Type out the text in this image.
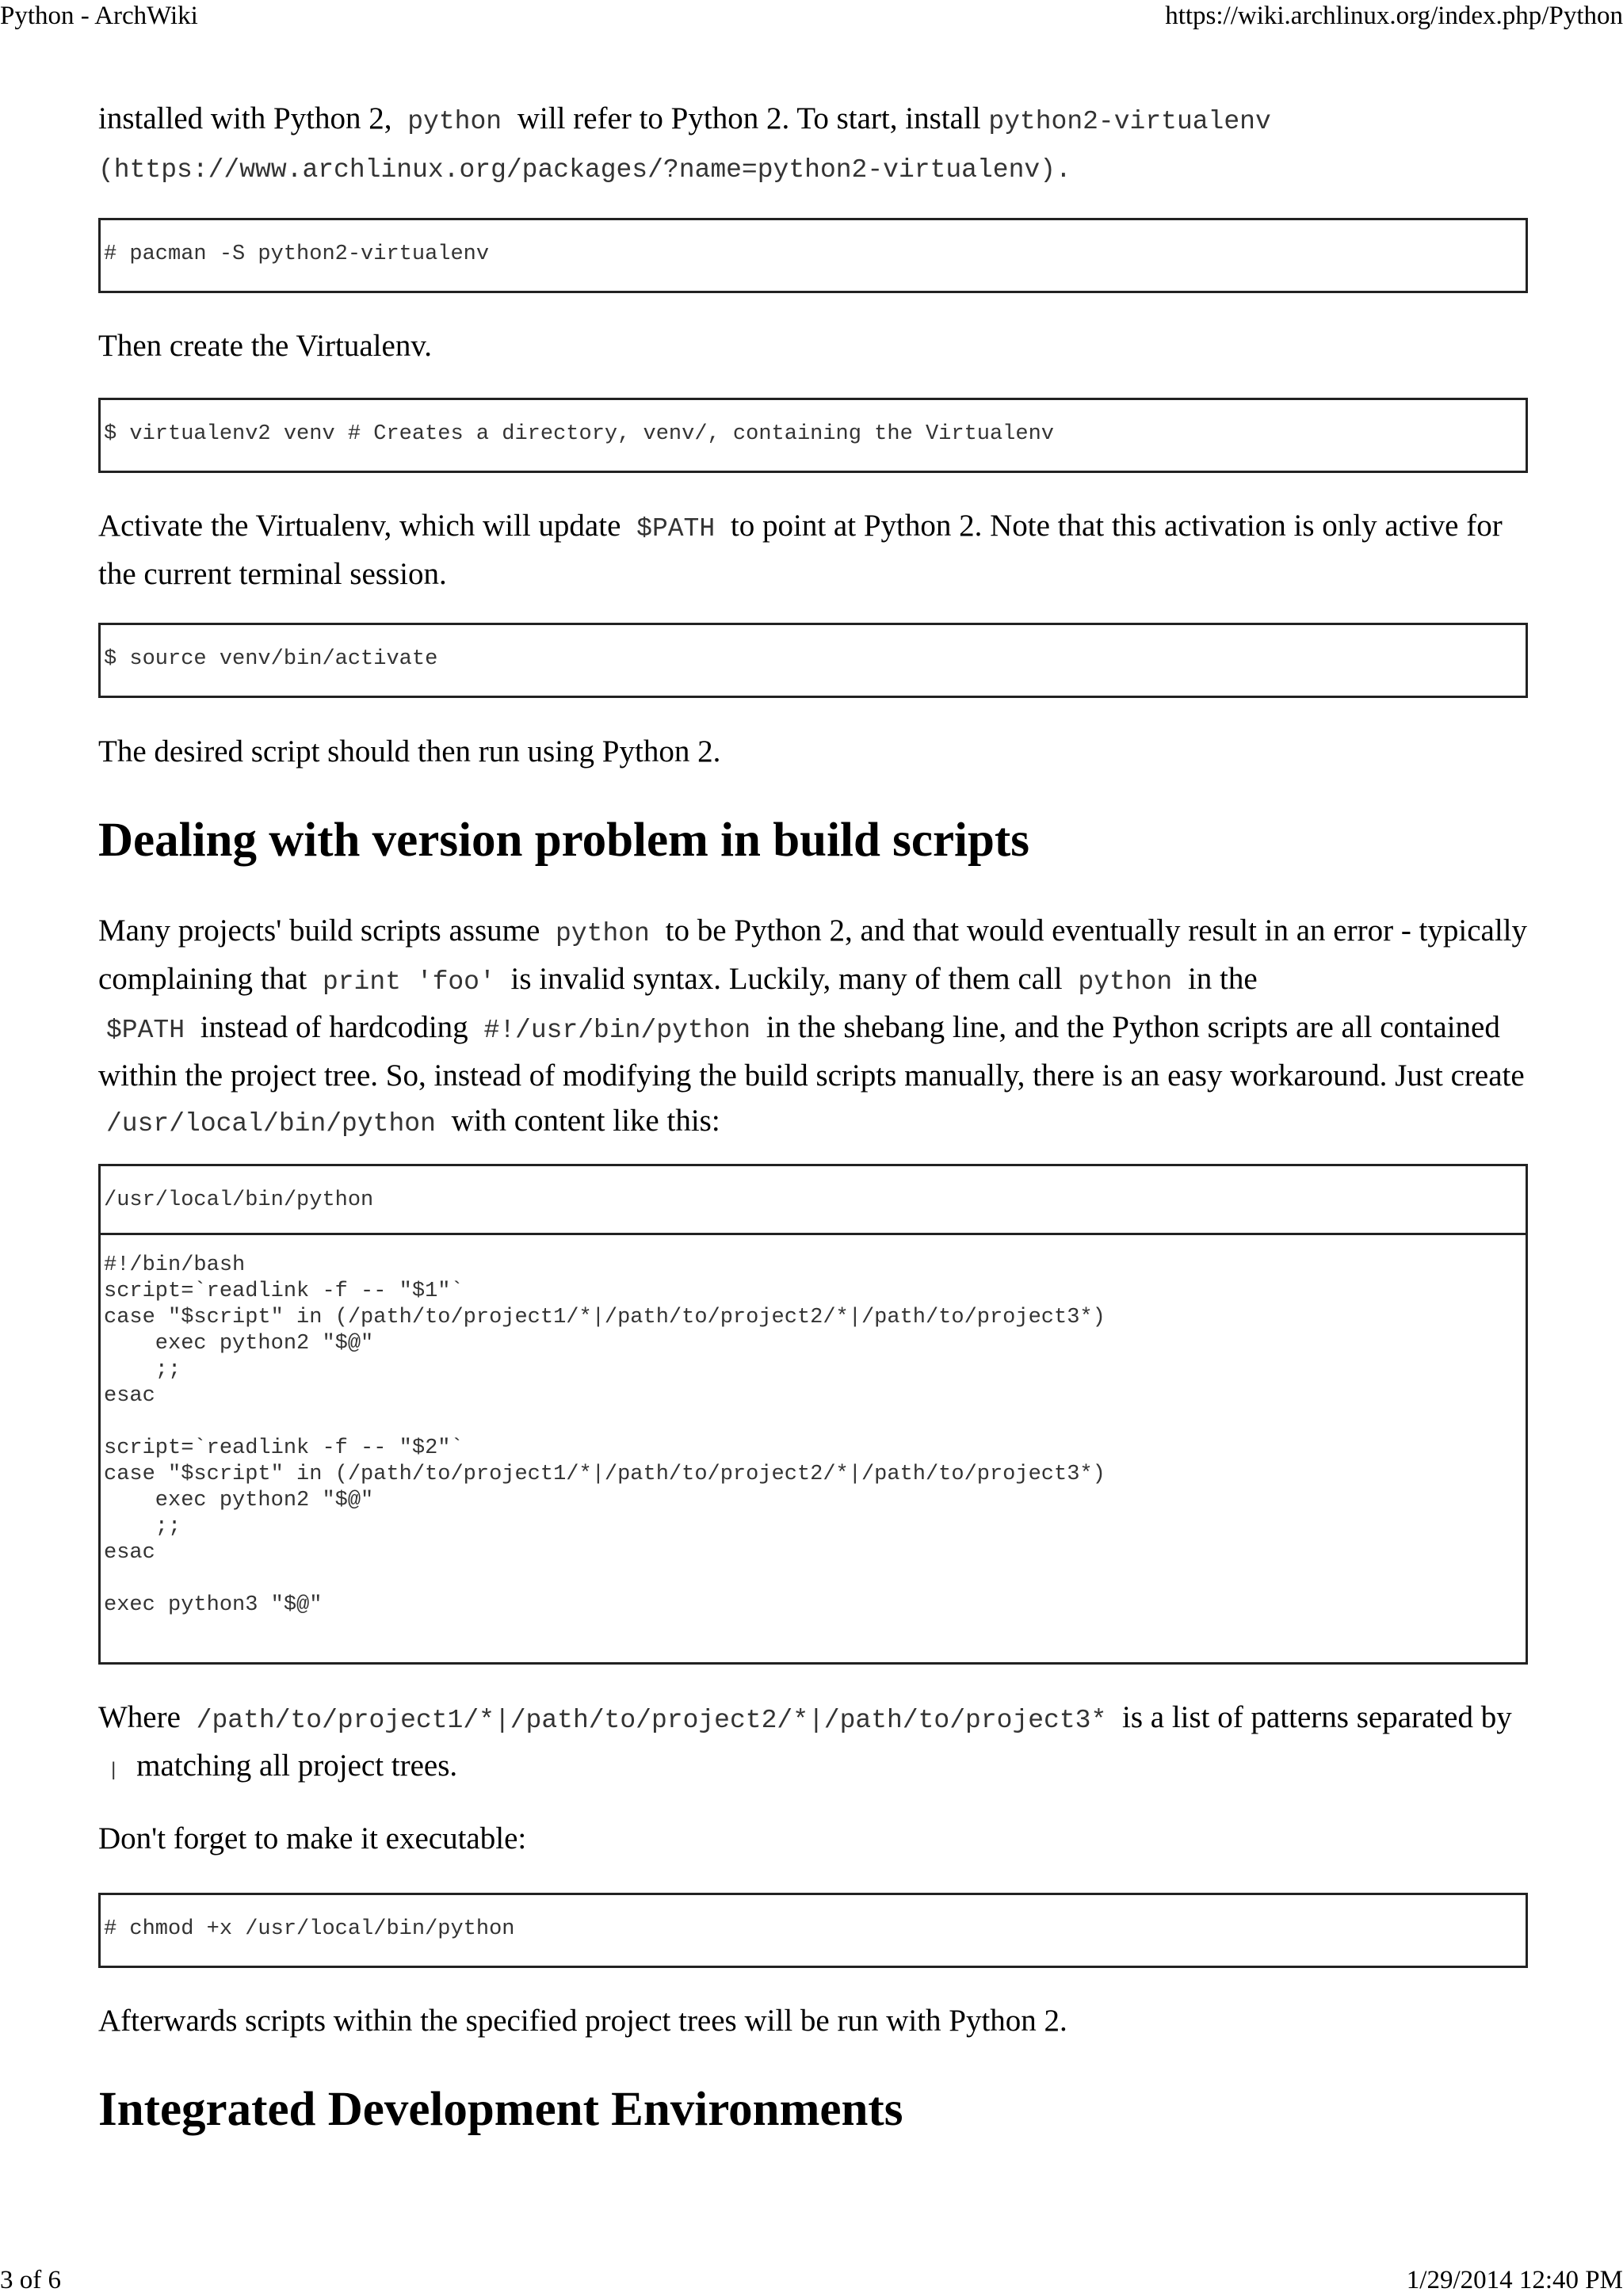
Python - ArchWiki	https://wiki.archlinux.org/index.php/Python

installed with Python 2, python will refer to Python 2. To start, install python2-virtualenv
(https://www.archlinux.org/packages/?name=python2-virtualenv).

# pacman -S python2-virtualenv

Then create the Virtualenv.

$ virtualenv2 venv # Creates a directory, venv/, containing the Virtualenv

Activate the Virtualenv, which will update $PATH to point at Python 2. Note that this activation is only active for the current terminal session.

$ source venv/bin/activate

The desired script should then run using Python 2.

Dealing with version problem in build scripts

Many projects' build scripts assume python to be Python 2, and that would eventually result in an error - typically complaining that print 'foo' is invalid syntax. Luckily, many of them call python in the
$PATH instead of hardcoding #!/usr/bin/python in the shebang line, and the Python scripts are all contained within the project tree. So, instead of modifying the build scripts manually, there is an easy workaround. Just create /usr/local/bin/python with content like this:

/usr/local/bin/python
#!/bin/bash
script=`readlink -f -- "$1"`
case "$script" in (/path/to/project1/*|/path/to/project2/*|/path/to/project3*)
exec python2 "$@"
;;
esac

script=`readlink -f -- "$2"`
case "$script" in (/path/to/project1/*|/path/to/project2/*|/path/to/project3*)
exec python2 "$@"
;;
esac

exec python3 "$@"

Where /path/to/project1/*|/path/to/project2/*|/path/to/project3* is a list of patterns separated by | matching all project trees.

Don't forget to make it executable:

# chmod +x /usr/local/bin/python

Afterwards scripts within the specified project trees will be run with Python 2.

Integrated Development Environments
3 of 6	1/29/2014 12:40 PM
